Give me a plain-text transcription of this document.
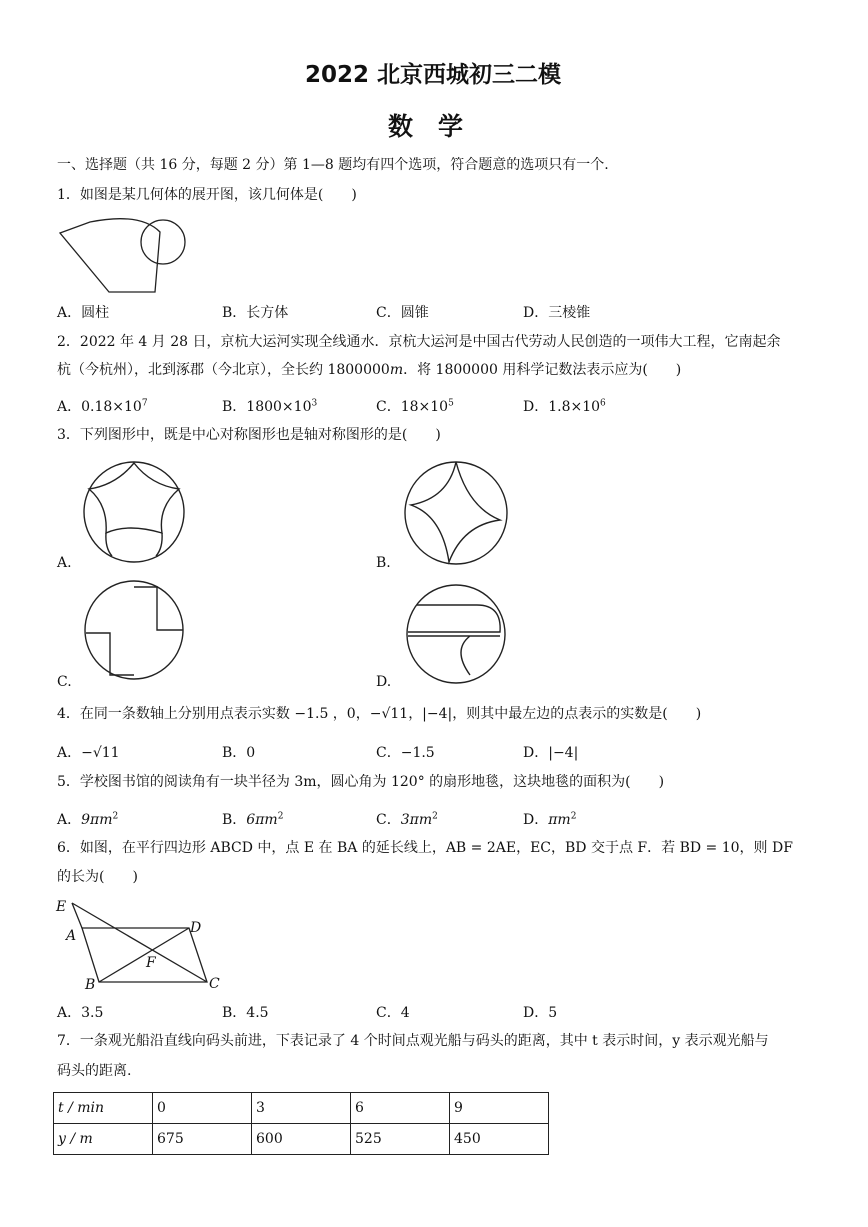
2022 北京西城初三二模
数　学
一、选择题（共 16 分，每题 2 分）第 1—8 题均有四个选项，符合题意的选项只有一个.
1．如图是某几何体的展开图，该几何体是(　　)
A．圆柱	B．长方体	C．圆锥	D．三棱锥
2．2022 年 4 月 28 日，京杭大运河实现全线通水．京杭大运河是中国古代劳动人民创造的一项伟大工程，它南起余
杭（今杭州），北到涿郡（今北京），全长约 1800000m．将 1800000 用科学记数法表示应为(　　)
A．$0.18\times 10^7$	B．$1800\times 10^3$	C．$18\times 10^5$	D．$1.8\times 10^6$
3．下列图形中，既是中心对称图形也是轴对称图形的是(　　)
A.	B.
C.	D.
4．在同一条数轴上分别用点表示实数 −1.5 ，0，−√11，|−4|，则其中最左边的点表示的实数是(　　)
A．−√11	B．0	C．−1.5	D．|−4|
5．学校图书馆的阅读角有一块半径为 3m，圆心角为 120° 的扇形地毯，这块地毯的面积为(　　)
A．$9\pi m^2$	B．$6\pi m^2$	C．$3\pi m^2$	D．$\pi m^2$
6．如图，在平行四边形 ABCD 中，点 E 在 BA 的延长线上，AB = 2AE，EC，BD 交于点 F．若 BD = 10，则 DF
的长为(　　)
E
A	D
F
B	C
A．3.5	B．4.5	C．4	D．5
7．一条观光船沿直线向码头前进，下表记录了 4 个时间点观光船与码头的距离，其中 t 表示时间，y 表示观光船与
码头的距离.
t / min	0	3	6	9
y / m	675	600	525	450
